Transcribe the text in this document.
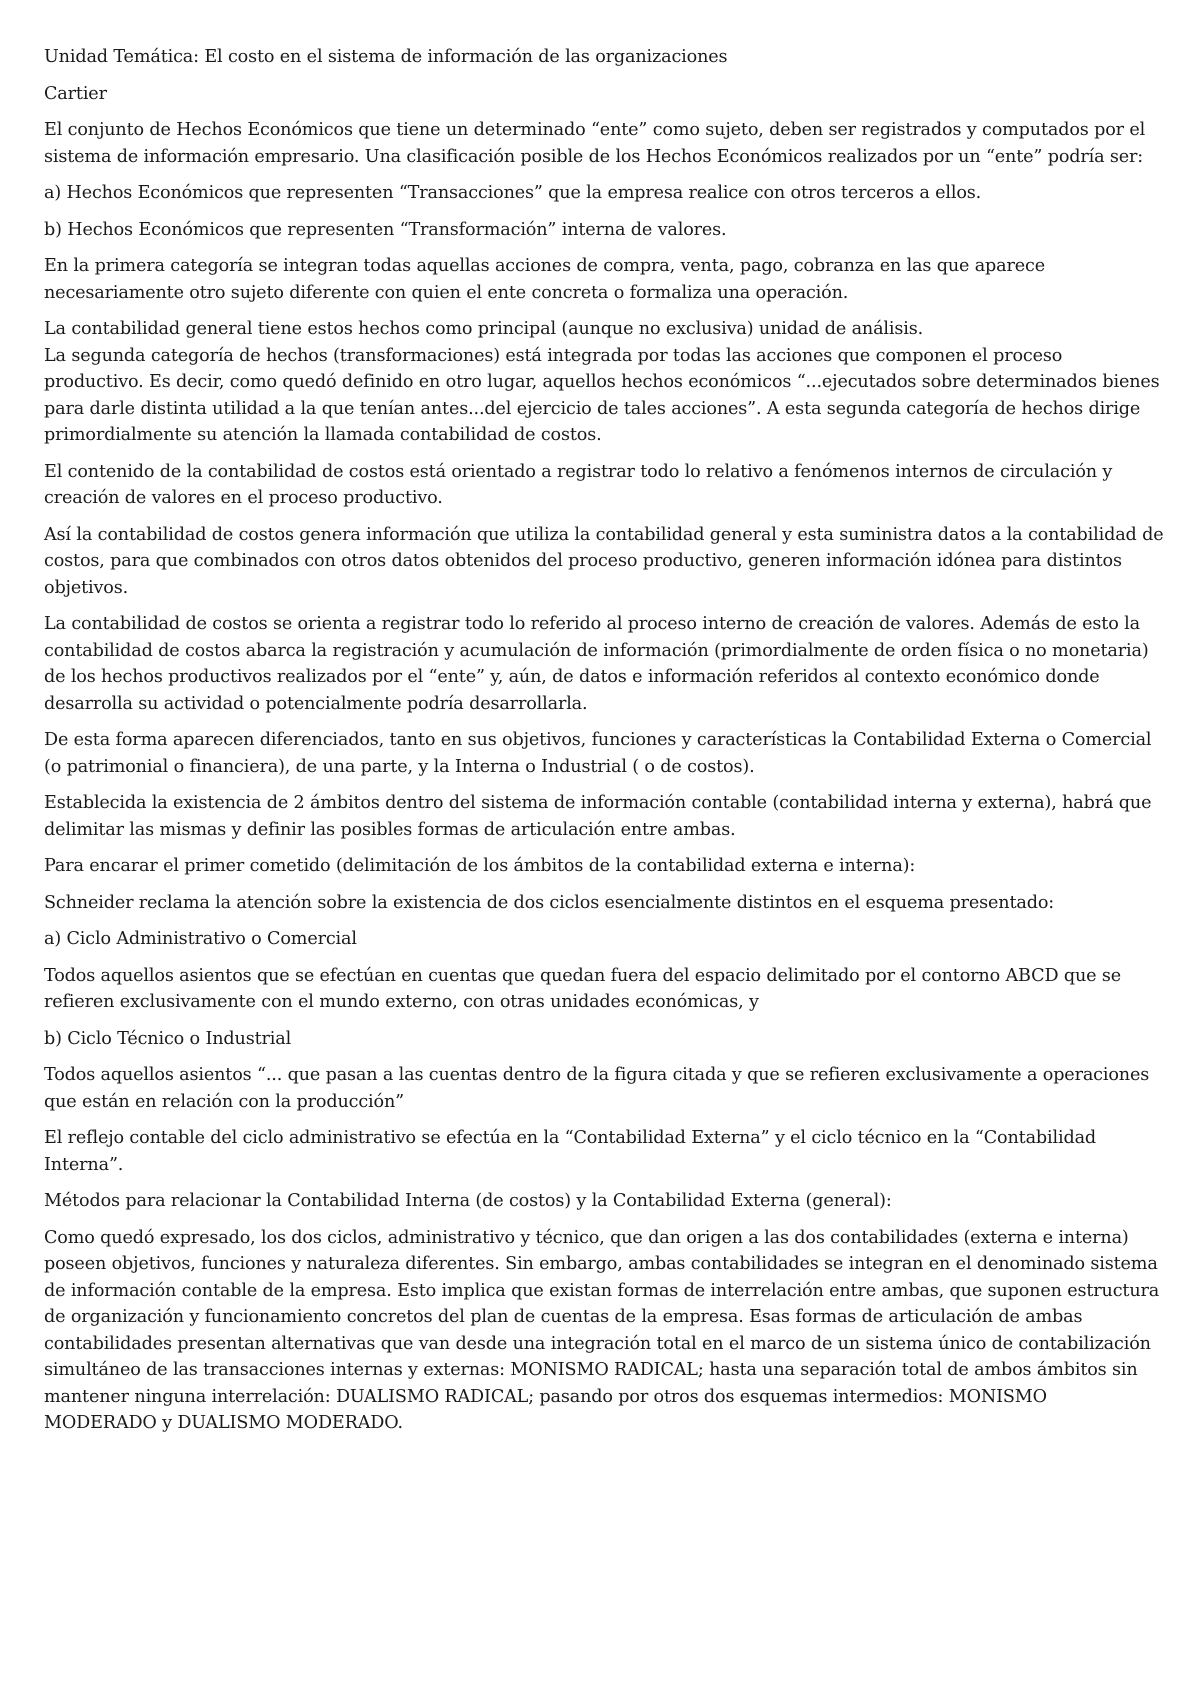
Unidad Temática: El costo en el sistema de información de las organizaciones

Cartier

El conjunto de Hechos Económicos que tiene un determinado “ente” como sujeto, deben ser registrados y computados por el sistema de información empresario. Una clasificación posible de los Hechos Económicos realizados por un “ente” podría ser:

a) Hechos Económicos que representen “Transacciones” que la empresa realice con otros terceros a ellos.

b) Hechos Económicos que representen “Transformación” interna de valores.

En la primera categoría se integran todas aquellas acciones de compra, venta, pago, cobranza en las que aparece necesariamente otro sujeto diferente con quien el ente concreta o formaliza una operación.

La contabilidad general tiene estos hechos como principal (aunque no exclusiva) unidad de análisis.

La segunda categoría de hechos (transformaciones) está integrada por todas las acciones que componen el proceso productivo. Es decir, como quedó definido en otro lugar, aquellos hechos económicos “...ejecutados sobre determinados bienes para darle distinta utilidad a la que tenían antes...del ejercicio de tales acciones”. A esta segunda categoría de hechos dirige primordialmente su atención la llamada contabilidad de costos.

El contenido de la contabilidad de costos está orientado a registrar todo lo relativo a fenómenos internos de circulación y creación de valores en el proceso productivo.

Así la contabilidad de costos genera información que utiliza la contabilidad general y esta suministra datos a la contabilidad de costos, para que combinados con otros datos obtenidos del proceso productivo, generen información idónea para distintos objetivos.

La contabilidad de costos se orienta a registrar todo lo referido al proceso interno de creación de valores. Además de esto la contabilidad de costos abarca la registración y acumulación de información (primordialmente de orden física o no monetaria) de los hechos productivos realizados por el “ente” y, aún, de datos e información referidos al contexto económico donde desarrolla su actividad o potencialmente podría desarrollarla.

De esta forma aparecen diferenciados, tanto en sus objetivos, funciones y características la Contabilidad Externa o Comercial (o patrimonial o financiera), de una parte, y la Interna o Industrial ( o de costos).

Establecida la existencia de 2 ámbitos dentro del sistema de información contable (contabilidad interna y externa), habrá que delimitar las mismas y definir las posibles formas de articulación entre ambas.

Para encarar el primer cometido (delimitación de los ámbitos de la contabilidad externa e interna):

Schneider reclama la atención sobre la existencia de dos ciclos esencialmente distintos en el esquema presentado:

a) Ciclo Administrativo o Comercial

Todos aquellos asientos que se efectúan en cuentas que quedan fuera del espacio delimitado por el contorno ABCD que se refieren exclusivamente con el mundo externo, con otras unidades económicas, y

b) Ciclo Técnico o Industrial

Todos aquellos asientos “... que pasan a las cuentas dentro de la figura citada y que se refieren exclusivamente a operaciones que están en relación con la producción”

El reflejo contable del ciclo administrativo se efectúa en la “Contabilidad Externa” y el ciclo técnico en la “Contabilidad Interna”.

Métodos para relacionar la Contabilidad Interna (de costos) y la Contabilidad Externa (general):

Como quedó expresado, los dos ciclos, administrativo y técnico, que dan origen a las dos contabilidades (externa e interna) poseen objetivos, funciones y naturaleza diferentes. Sin embargo, ambas contabilidades se integran en el denominado sistema de información contable de la empresa. Esto implica que existan formas de interrelación entre ambas, que suponen estructura de organización y funcionamiento concretos del plan de cuentas de la empresa. Esas formas de articulación de ambas contabilidades presentan alternativas que van desde una integración total en el marco de un sistema único de contabilización simultáneo de las transacciones internas y externas: MONISMO RADICAL; hasta una separación total de ambos ámbitos sin mantener ninguna interrelación: DUALISMO RADICAL; pasando por otros dos esquemas intermedios: MONISMO MODERADO y DUALISMO MODERADO.
